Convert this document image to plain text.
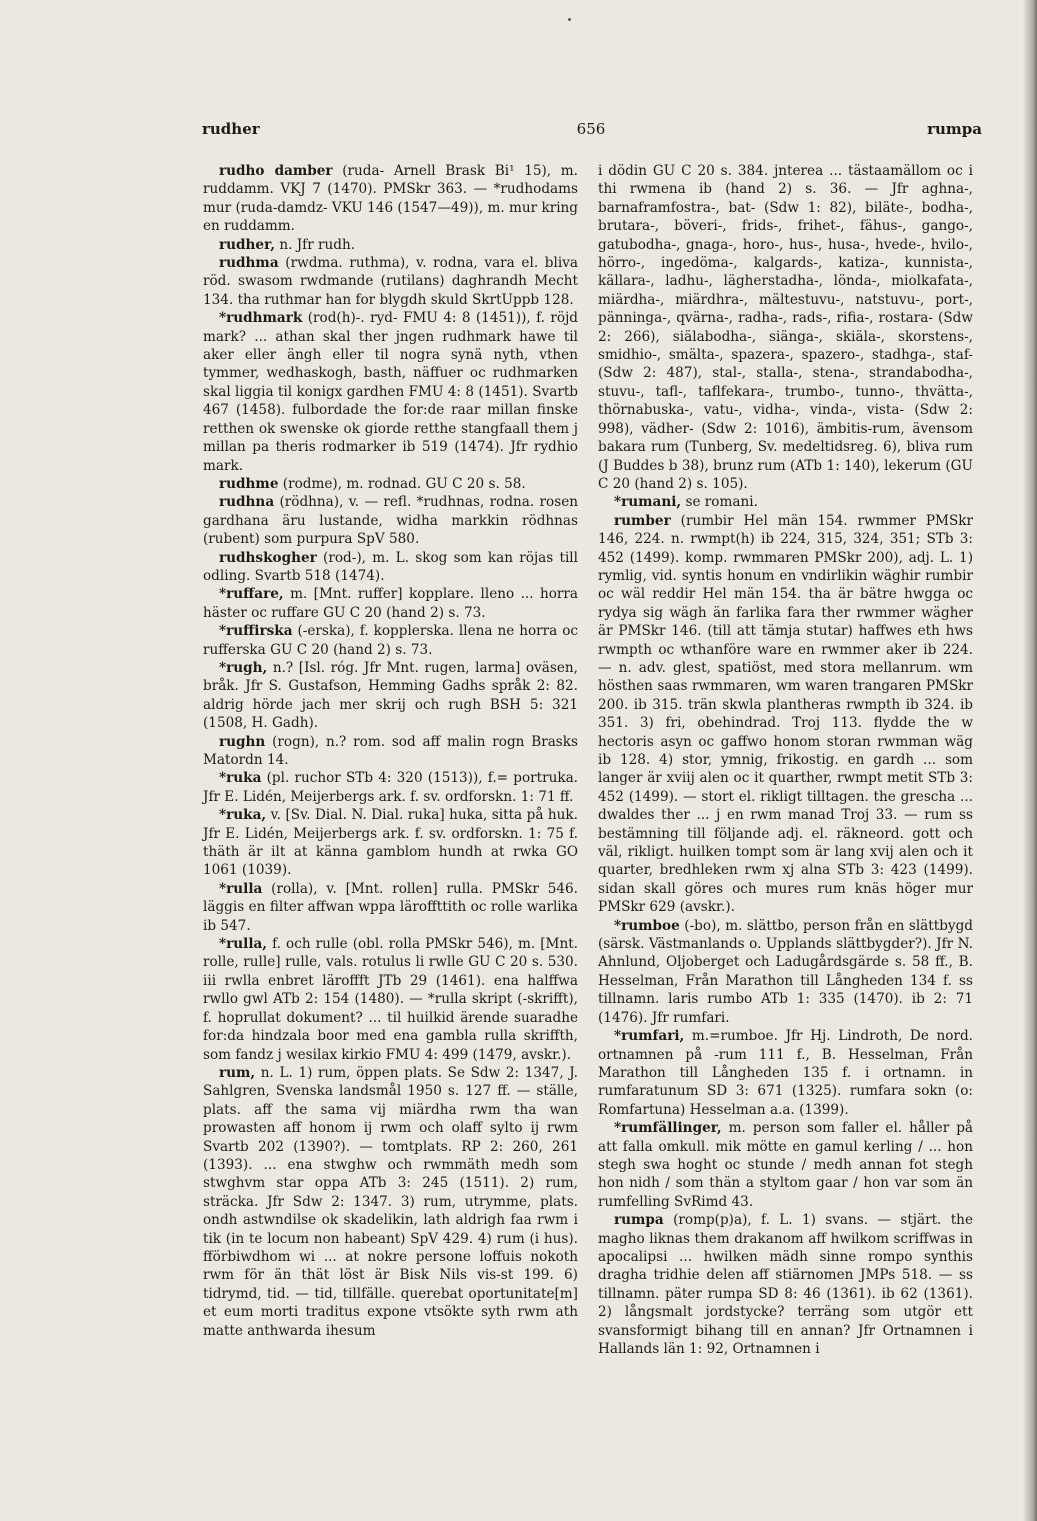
rudher	656	rumpa
rudho damber (ruda- Arnell Brask Bi¹ 15), m. ruddamm. VKJ 7 (1470). PMSkr 363. — *rudhodams mur (ruda-damdz- VKU 146 (1547—49)), m. mur kring en ruddamm.
rudher, n. Jfr rudh.
rudhma (rwdma. ruthma), v. rodna, vara el. bliva röd. swasom rwdmande (rutilans) daghrandh Mecht 134. tha ruthmar han for blygdh skuld SkrtUppb 128.
*rudhmark (rod(h)-. ryd- FMU 4: 8 (1451)), f. röjd mark? ... athan skal ther jngen rudhmark hawe til aker eller ängh eller til nogra synä nyth, vthen tymmer, wedhaskogh, basth, näffuer oc rudhmarken skal liggia til konigx gardhen FMU 4: 8 (1451). Svartb 467 (1458). fulbordade the for:de raar millan finske retthen ok swenske ok giorde retthe stangfaall them j millan pa theris rodmarker ib 519 (1474). Jfr rydhio mark.
rudhme (rodme), m. rodnad. GU C 20 s. 58.
rudhna (rödhna), v. — refl. *rudhnas, rodna. rosen gardhana äru lustande, widha markkin rödhnas (rubent) som purpura SpV 580.
rudhskogher (rod-), m. L. skog som kan röjas till odling. Svartb 518 (1474).
*ruffare, m. [Mnt. ruffer] kopplare. lleno ... horra häster oc ruffare GU C 20 (hand 2) s. 73.
*ruffirska (-erska), f. kopplerska. llena ne horra oc rufferska GU C 20 (hand 2) s. 73.
*rugh, n.? [Isl. róg. Jfr Mnt. rugen, larma] oväsen, bråk. Jfr S. Gustafson, Hemming Gadhs språk 2: 82. aldrig hörde jach mer skrij och rugh BSH 5: 321 (1508, H. Gadh).
rughn (rogn), n.? rom. sod aff malin rogn Brasks Matordn 14.
*ruka (pl. ruchor STb 4: 320 (1513)), f.= portruka. Jfr E. Lidén, Meijerbergs ark. f. sv. ordforskn. 1: 71 ff.
*ruka, v. [Sv. Dial. N. Dial. ruka] huka, sitta på huk. Jfr E. Lidén, Meijerbergs ark. f. sv. ordforskn. 1: 75 f. thäth är ilt at känna gamblom hundh at rwka GO 1061 (1039).
*rulla (rolla), v. [Mnt. rollen] rulla. PMSkr 546. läggis en filter affwan wppa läroffttith oc rolle warlika ib 547.
*rulla, f. och rulle (obl. rolla PMSkr 546), m. [Mnt. rolle, rulle] rulle, vals. rotulus li rwlle GU C 20 s. 530. iii rwlla enbret läroffft JTb 29 (1461). ena halffwa rwllo gwl ATb 2: 154 (1480). — *rulla skript (-skrifft), f. hoprullat dokument? ... til huilkid ärende suaradhe for:da hindzala boor med ena gambla rulla skriffth, som fandz j wesilax kirkio FMU 4: 499 (1479, avskr.).
rum, n. L. 1) rum, öppen plats. Se Sdw 2: 1347, J. Sahlgren, Svenska landsmål 1950 s. 127 ff. — ställe, plats. aff the sama vij miärdha rwm tha wan prowasten aff honom ij rwm och olaff sylto ij rwm Svartb 202 (1390?). — tomtplats. RP 2: 260, 261 (1393). ... ena stwghw och rwmmäth medh som stwghvm star oppa ATb 3: 245 (1511). 2) rum, sträcka. Jfr Sdw 2: 1347. 3) rum, utrymme, plats. ondh astwndilse ok skadelikin, lath aldrigh faa rwm i tik (in te locum non habeant) SpV 429. 4) rum (i hus). fförbiwdhom wi ... at nokre persone loffuis nokoth rwm för än thät löst är Bisk Nils vis-st 199. 6) tidrymd, tid. — tid, tillfälle. querebat oportunitate[m] et eum morti traditus expone vtsökte syth rwm ath matte anthwarda ihesum
i dödin GU C 20 s. 384. jnterea ... tästaamällom oc i thi rwmena ib (hand 2) s. 36. — Jfr aghna-, barnaframfostra-, bat- (Sdw 1: 82), biläte-, bodha-, brutara-, böveri-, frids-, frihet-, fähus-, gango-, gatubodha-, gnaga-, horo-, hus-, husa-, hvede-, hvilo-, hörro-, ingedöma-, kalgards-, katiza-, kunnista-, källara-, ladhu-, lägherstadha-, lönda-, miolkafata-, miärdha-, miärdhra-, mältestuvu-, natstuvu-, port-, pänninga-, qvärna-, radha-, rads-, rifia-, rostara- (Sdw 2: 266), siälabodha-, siänga-, skiäla-, skorstens-, smidhio-, smälta-, spazera-, spazero-, stadhga-, staf- (Sdw 2: 487), stal-, stalla-, stena-, strandabodha-, stuvu-, tafl-, taflfekara-, trumbo-, tunno-, thvätta-, thörnabuska-, vatu-, vidha-, vinda-, vista- (Sdw 2: 998), vädher- (Sdw 2: 1016), ämbitis-rum, ävensom bakara rum (Tunberg, Sv. medeltidsreg. 6), bliva rum (J Buddes b 38), brunz rum (ATb 1: 140), lekerum (GU C 20 (hand 2) s. 105).
*rumani, se romani.
rumber (rumbir Hel män 154. rwmmer PMSkr 146, 224. n. rwmpt(h) ib 224, 315, 324, 351; STb 3: 452 (1499). komp. rwmmaren PMSkr 200), adj. L. 1) rymlig, vid. syntis honum en vndirlikin wäghir rumbir oc wäl reddir Hel män 154. tha är bätre hwgga oc rydya sig wägh än farlika fara ther rwmmer wägher är PMSkr 146. (till att tämja stutar) haffwes eth hws rwmpth oc wthanföre ware en rwmmer aker ib 224. — n. adv. glest, spatiöst, med stora mellanrum. wm hösthen saas rwmmaren, wm waren trangaren PMSkr 200. ib 315. trän skwla plantheras rwmpth ib 324. ib 351. 3) fri, obehindrad. Troj 113. flydde the w hectoris asyn oc gaffwo honom storan rwmman wäg ib 128. 4) stor, ymnig, frikostig. en gardh ... som langer är xviij alen oc it quarther, rwmpt metit STb 3: 452 (1499). — stort el. rikligt tilltagen. the grescha ... dwaldes ther ... j en rwm manad Troj 33. — rum ss bestämning till följande adj. el. räkneord. gott och väl, rikligt. huilken tompt som är lang xvij alen och it quarter, bredhleken rwm xj alna STb 3: 423 (1499). sidan skall göres och mures rum knäs höger mur PMSkr 629 (avskr.).
*rumboe (-bo), m. slättbo, person från en slättbygd (särsk. Västmanlands o. Upplands slättbygder?). Jfr N. Ahnlund, Oljoberget och Ladugårdsgärde s. 58 ff., B. Hesselman, Från Marathon till Långheden 134 f. ss tillnamn. laris rumbo ATb 1: 335 (1470). ib 2: 71 (1476). Jfr rumfari.
*rumfari, m.=rumboe. Jfr Hj. Lindroth, De nord. ortnamnen på -rum 111 f., B. Hesselman, Från Marathon till Långheden 135 f. i ortnamn. in rumfaratunum SD 3: 671 (1325). rumfara sokn (o: Romfartuna) Hesselman a.a. (1399).
*rumfällinger, m. person som faller el. håller på att falla omkull. mik mötte en gamul kerling / ... hon stegh swa hoght oc stunde / medh annan fot stegh hon nidh / som thän a styltom gaar / hon var som än rumfelling SvRimd 43.
rumpa (romp(p)a), f. L. 1) svans. — stjärt. the magho liknas them drakanom aff hwilkom scriffwas in apocalipsi ... hwilken mädh sinne rompo synthis dragha tridhie delen aff stiärnomen JMPs 518. — ss tillnamn. päter rumpa SD 8: 46 (1361). ib 62 (1361). 2) långsmalt jordstycke? terräng som utgör ett svansformigt bihang till en annan? Jfr Ortnamnen i Hallands län 1: 92, Ortnamnen i
